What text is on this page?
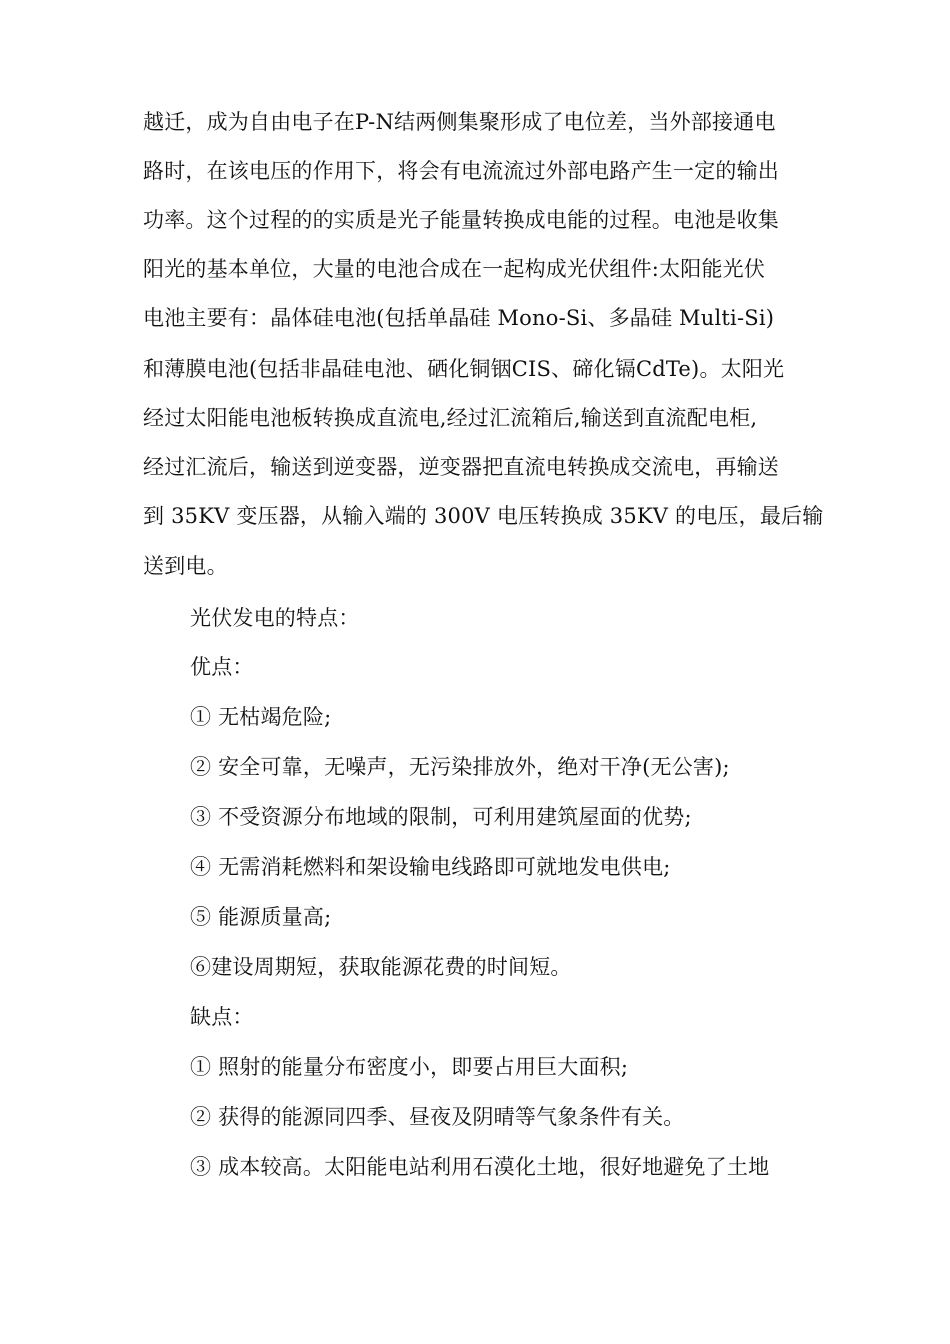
越迁，成为自由电子在P-N结两侧集聚形成了电位差，当外部接通电
路时，在该电压的作用下，将会有电流流过外部电路产生一定的输出
功率。这个过程的的实质是光子能量转换成电能的过程。电池是收集
阳光的基本单位，大量的电池合成在一起构成光伏组件:太阳能光伏
电池主要有：晶体硅电池(包括单晶硅 Mono-Si、多晶硅 Multi-Si)
和薄膜电池(包括非晶硅电池、硒化铜铟CIS、碲化镉CdTe)。太阳光
经过太阳能电池板转换成直流电,经过汇流箱后,输送到直流配电柜,
经过汇流后，输送到逆变器，逆变器把直流电转换成交流电，再输送
到 35KV 变压器，从输入端的 300V 电压转换成 35KV 的电压，最后输
送到电。
光伏发电的特点：
优点：
① 无枯竭危险;
② 安全可靠，无噪声，无污染排放外，绝对干净(无公害);
③ 不受资源分布地域的限制，可利用建筑屋面的优势;
④ 无需消耗燃料和架设输电线路即可就地发电供电;
⑤ 能源质量高;
⑥建设周期短，获取能源花费的时间短。
缺点：
① 照射的能量分布密度小，即要占用巨大面积;
② 获得的能源同四季、昼夜及阴晴等气象条件有关。
③ 成本较高。太阳能电站利用石漠化土地，很好地避免了土地
